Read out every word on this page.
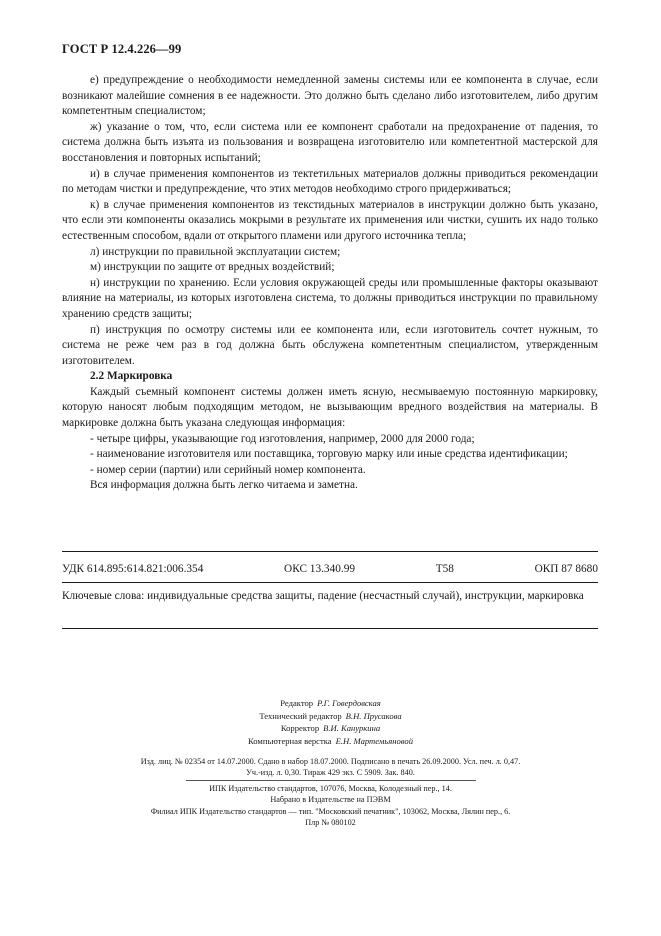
ГОСТ Р 12.4.226—99

е) предупреждение о необходимости немедленной замены системы или ее компонента в случае, если возникают малейшие сомнения в ее надежности. Это должно быть сделано либо изготовителем, либо другим компетентным специалистом;

ж) указание о том, что, если система или ее компонент сработали на предохранение от падения, то система должна быть изъята из пользования и возвращена изготовителю или компетентной мастерской для восстановления и повторных испытаний;

и) в случае применения компонентов из тектетильных материалов должны приводиться рекомендации по методам чистки и предупреждение, что этих методов необходимо строго придерживаться;

к) в случае применения компонентов из текстидьных материалов в инструкции должно быть указано, что если эти компоненты оказались мокрыми в результате их применения или чистки, сушить их надо только естественным способом, вдали от открытого пламени или другого источника тепла;

л) инструкции по правильной эксплуатации систем;

м) инструкции по защите от вредных воздействий;

н) инструкции по хранению. Если условия окружающей среды или промышленные факторы оказывают влияние на материалы, из которых изготовлена система, то должны приводиться инструкции по правильному хранению средств защиты;

п) инструкция по осмотру системы или ее компонента или, если изготовитель сочтет нужным, то система не реже чем раз в год должна быть обслужена компетентным специалистом, утвержденным изготовителем.

2.2 Маркировка

Каждый съемный компонент системы должен иметь ясную, несмываемую постоянную маркировку, которую наносят любым подходящим методом, не вызывающим вредного воздействия на материалы. В маркировке должна быть указана следующая информация:

- четыре цифры, указывающие год изготовления, например, 2000 для 2000 года;

- наименование изготовителя или поставщика, торговую марку или иные средства идентификации;

- номер серии (партии) или серийный номер компонента.

Вся информация должна быть легко читаема и заметна.

УДК 614.895:614.821:006.354	ОКС 13.340.99	Т58	ОКП 87 8680
Ключевые слова: индивидуальные средства защиты, падение (несчастный случай), инструкции, маркировка
Редактор Р.Г. Говердовская
Технический редактор В.Н. Прусакова
Корректор В.И. Кануркина
Компьютерная верстка Е.Н. Мартемьяновой
Изд. лиц. № 02354 от 14.07.2000. Сдано в набор 18.07.2000. Подписано в печать 26.09.2000. Усл. печ. л. 0,47.
Уч.-изд. л. 0,30. Тираж 429 экз. С 5909. Зак. 840.
ИПК Издательство стандартов, 107076, Москва, Колодезный пер., 14.
Набрано в Издательстве на ПЭВМ
Филиал ИПК Издательство стандартов — тип. "Московский печатник", 103062, Москва, Лялин пер., 6.
Плр № 080102
